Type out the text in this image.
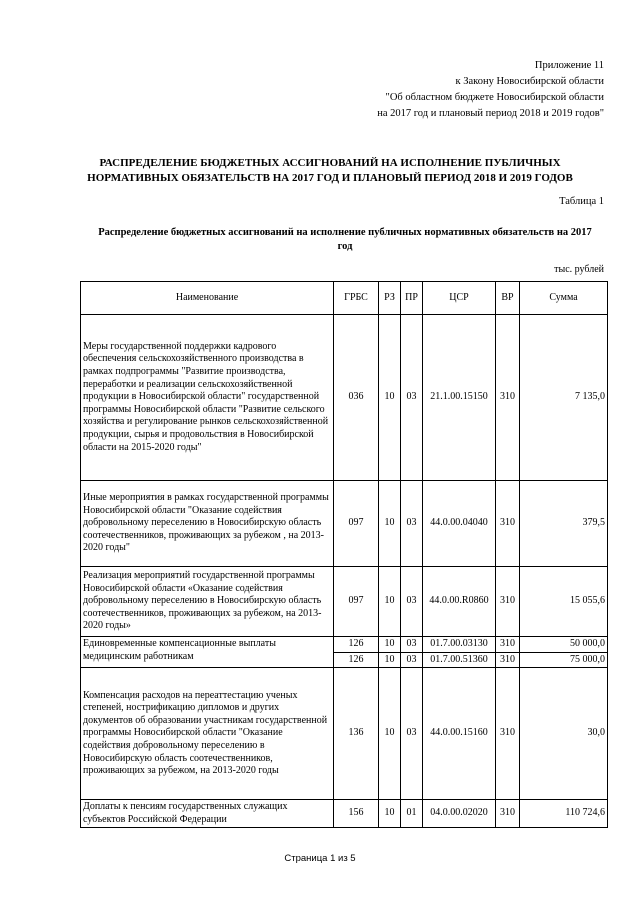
Приложение 11
к Закону Новосибирской области
"Об областном бюджете Новосибирской области
на 2017 год и плановый период 2018 и 2019 годов"
РАСПРЕДЕЛЕНИЕ БЮДЖЕТНЫХ АССИГНОВАНИЙ НА ИСПОЛНЕНИЕ ПУБЛИЧНЫХ
НОРМАТИВНЫХ ОБЯЗАТЕЛЬСТВ НА 2017 ГОД И ПЛАНОВЫЙ ПЕРИОД 2018 И 2019 ГОДОВ
Таблица 1
Распределение бюджетных ассигнований на исполнение публичных нормативных обязательств на 2017
год
тыс. рублей
Наименование	ГРБС	РЗ	ПР	ЦСР	ВР	Сумма
Меры государственной поддержки кадрового обеспечения сельскохозяйственного производства в рамках подпрограммы "Развитие производства, переработки и реализации сельскохозяйственной продукции в Новосибирской области" государственной программы Новосибирской области "Развитие сельского хозяйства и регулирование рынков сельскохозяйственной продукции, сырья и продовольствия в Новосибирской области на 2015-2020 годы"	036	10	03	21.1.00.15150	310	7 135,0
Иные мероприятия в рамках государственной программы Новосибирской области "Оказание содействия добровольному переселению в Новосибирскую область соотечественников, проживающих за рубежом , на 2013-2020 годы"	097	10	03	44.0.00.04040	310	379,5
Реализация мероприятий государственной программы Новосибирской области «Оказание содействия добровольному переселению в Новосибирскую область соотечественников, проживающих за рубежом, на 2013-2020 годы»	097	10	03	44.0.00.R0860	310	15 055,6
Единовременные компенсационные выплаты медицинским работникам	126	10	03	01.7.00.03130	310	50 000,0
	126	10	03	01.7.00.51360	310	75 000,0
Компенсация расходов на переаттестацию ученых степеней, нострификацию дипломов и других документов об образовании участникам государственной программы Новосибирской области "Оказание содействия добровольному переселению в Новосибирскую область соотечественников, проживающих за рубежом, на 2013-2020 годы	136	10	03	44.0.00.15160	310	30,0
Доплаты к пенсиям государственных служащих субъектов Российской Федерации	156	10	01	04.0.00.02020	310	110 724,6
Страница 1 из 5
